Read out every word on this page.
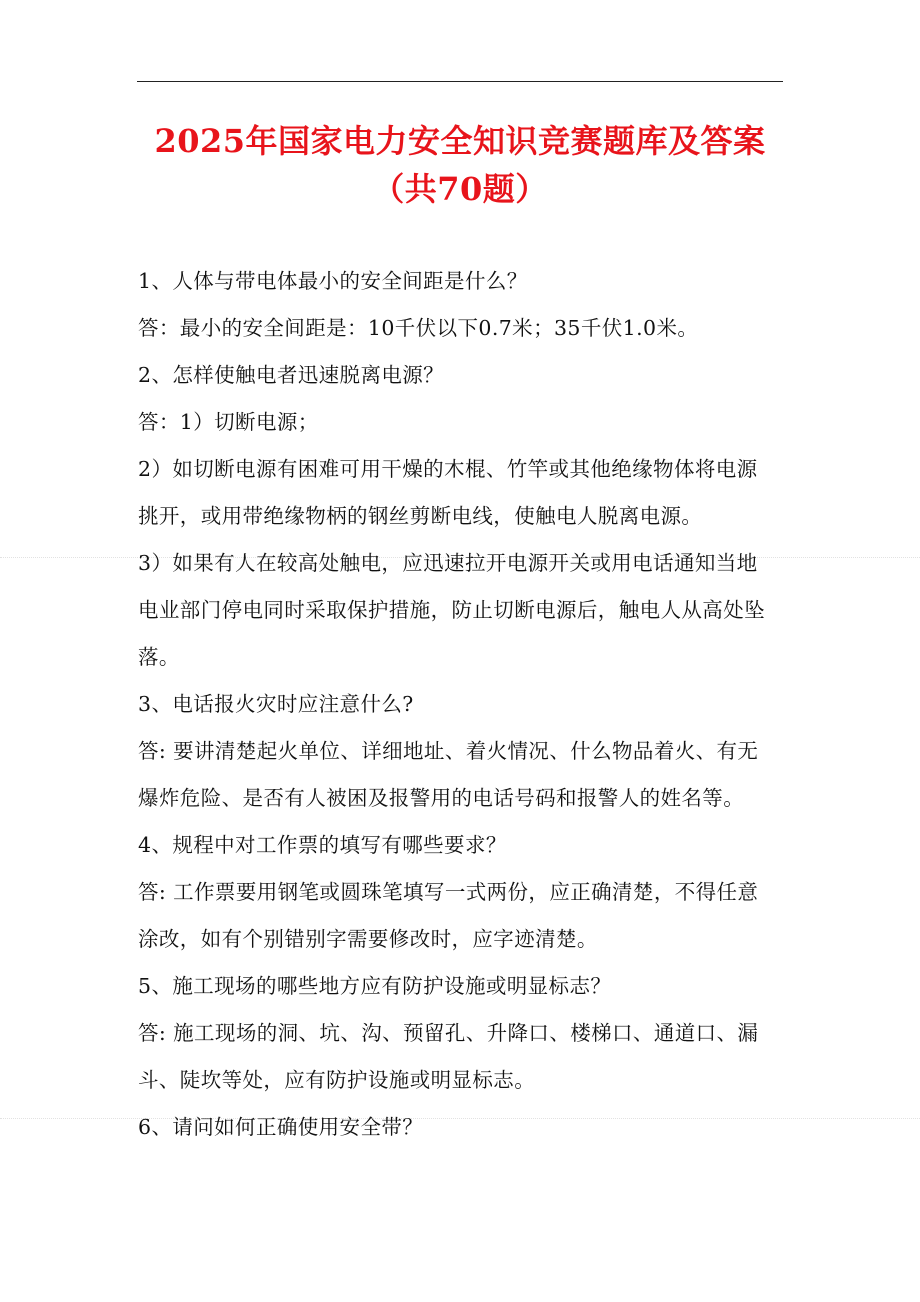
2025年国家电力安全知识竞赛题库及答案
（共70题）
1、人体与带电体最小的安全间距是什么？
答：最小的安全间距是：10千伏以下0.7米；35千伏1.0米。
2、怎样使触电者迅速脱离电源？
答：1）切断电源；
2）如切断电源有困难可用干燥的木棍、竹竿或其他绝缘物体将电源
挑开，或用带绝缘物柄的钢丝剪断电线，使触电人脱离电源。
3）如果有人在较高处触电，应迅速拉开电源开关或用电话通知当地
电业部门停电同时采取保护措施，防止切断电源后，触电人从高处坠
落。
3、电话报火灾时应注意什么?
答: 要讲清楚起火单位、详细地址、着火情况、什么物品着火、有无
爆炸危险、是否有人被困及报警用的电话号码和报警人的姓名等。
4、规程中对工作票的填写有哪些要求？
答: 工作票要用钢笔或圆珠笔填写一式两份，应正确清楚，不得任意
涂改，如有个别错别字需要修改时，应字迹清楚。
5、施工现场的哪些地方应有防护设施或明显标志？
答: 施工现场的洞、坑、沟、预留孔、升降口、楼梯口、通道口、漏
斗、陡坎等处，应有防护设施或明显标志。
6、请问如何正确使用安全带？
